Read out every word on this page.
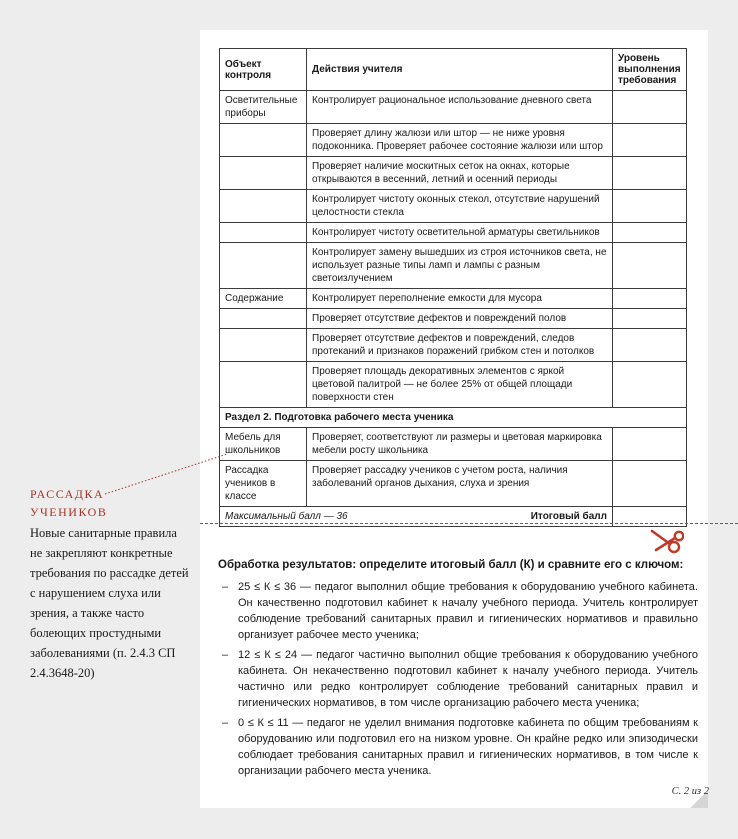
Объект контроля	Действия учителя	Уровень выполнения требования
Осветительные приборы	Контролирует рациональное использование дневного света	
	Проверяет длину жалюзи или штор — не ниже уровня подоконника. Проверяет рабочее состояние жалюзи или штор	
	Проверяет наличие москитных сеток на окнах, которые открываются в весенний, летний и осенний периоды	
	Контролирует чистоту оконных стекол, отсутствие нарушений целостности стекла	
	Контролирует чистоту осветительной арматуры светильников	
	Контролирует замену вышедших из строя источников света, не использует разные типы ламп и лампы с разным светоизлучением	
Содержание	Контролирует переполнение емкости для мусора	
	Проверяет отсутствие дефектов и повреждений полов	
	Проверяет отсутствие дефектов и повреждений, следов протеканий и признаков поражений грибком стен и потолков	
	Проверяет площадь декоративных элементов с яркой цветовой палитрой — не более 25% от общей площади поверхности стен	
Раздел 2. Подготовка рабочего места ученика		
Мебель для школьников	Проверяет, соответствуют ли размеры и цветовая маркировка мебели росту школьника	
Рассадка учеников в классе	Проверяет рассадку учеников с учетом роста, наличия заболеваний органов дыхания, слуха и зрения	
Максимальный балл — 36 Итоговый балл		

РАССАДКА
УЧЕНИКОВ
Новые санитарные правила не закрепляют конкретные требования по рассадке детей с нарушением слуха или зрения, а также часто болеющих простудными заболеваниями (п. 2.4.3 СП 2.4.3648-20)
Обработка результатов: определите итоговый балл (К) и сравните его с ключом:
– 25 ≤ К ≤ 36 — педагог выполнил общие требования к оборудованию учебного кабинета. Он качественно подготовил кабинет к началу учебного периода. Учитель контролирует соблюдение требований санитарных правил и гигиенических нормативов и правильно организует рабочее место ученика;
– 12 ≤ К ≤ 24 — педагог частично выполнил общие требования к оборудованию учебного кабинета. Он некачественно подготовил кабинет к началу учебного периода. Учитель частично или редко контролирует соблюдение требований санитарных правил и гигиенических нормативов, в том числе организацию рабочего места ученика;
– 0 ≤ К ≤ 11 — педагог не уделил внимания подготовке кабинета по общим требованиям к оборудованию или подготовил его на низком уровне. Он крайне редко или эпизодически соблюдает требования санитарных правил и гигиенических нормативов, в том числе к организации рабочего места ученика.
С. 2 из 2
